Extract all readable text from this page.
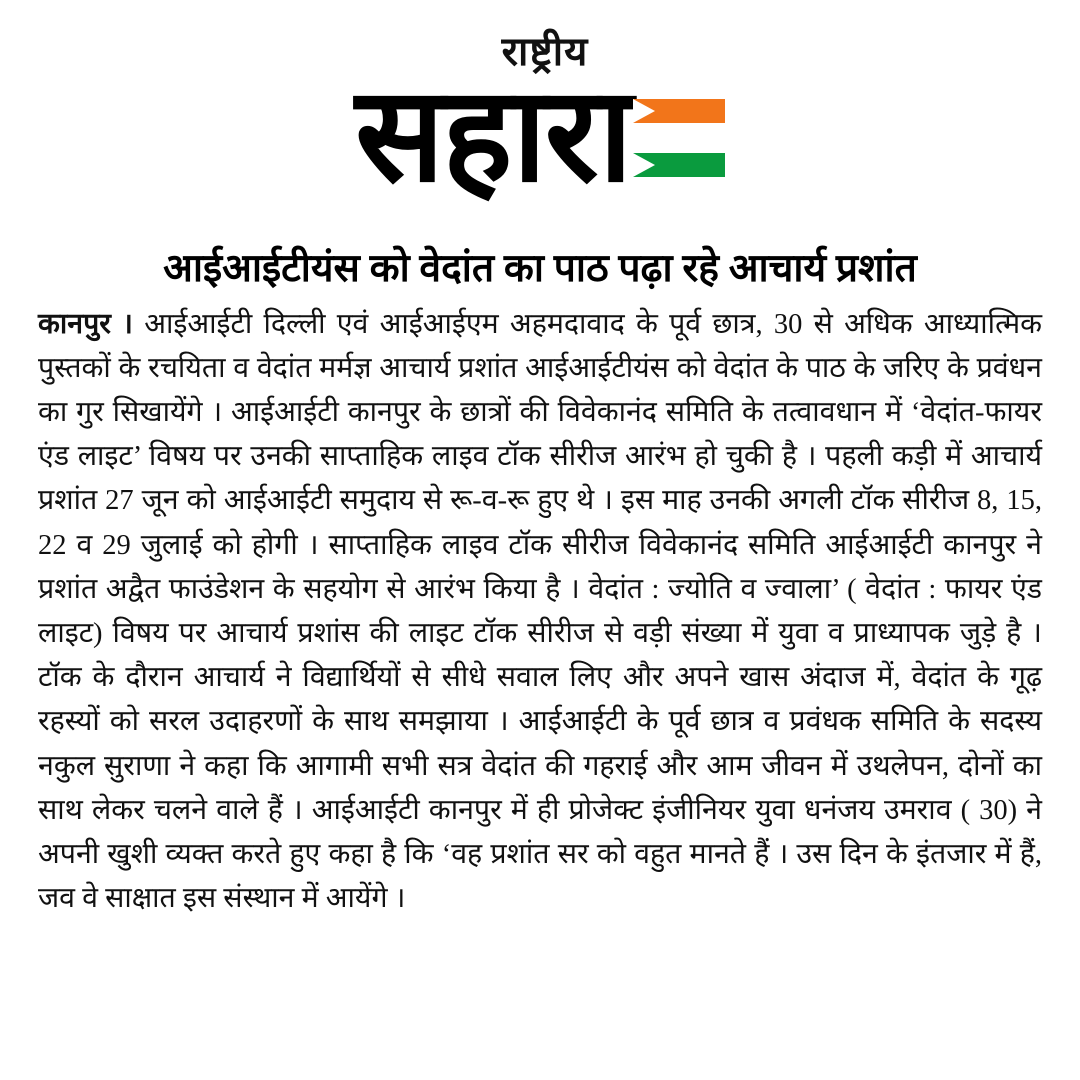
राष्ट्रीय
सहारा
आईआईटीयंस को वेदांत का पाठ पढ़ा रहे आचार्य प्रशांत
कानपुर । आईआईटी दिल्ली एवं आईआईएम अहमदावाद के पूर्व छात्र, 30 से अधिक आध्यात्मिक पुस्तकों के रचयिता व वेदांत मर्मज्ञ आचार्य प्रशांत आईआईटीयंस को वेदांत के पाठ के जरिए के प्रवंधन का गुर सिखायेंगे । आईआईटी कानपुर के छात्रों की विवेकानंद समिति के तत्वावधान में ‘वेदांत-फायर एंड लाइट’ विषय पर उनकी साप्ताहिक लाइव टॉक सीरीज आरंभ हो चुकी है । पहली कड़ी में आचार्य प्रशांत 27 जून को आईआईटी समुदाय से रू-व-रू हुए थे । इस माह उनकी अगली टॉक सीरीज 8, 15, 22 व 29 जुलाई को होगी । साप्ताहिक लाइव टॉक सीरीज विवेकानंद समिति आईआईटी कानपुर ने प्रशांत अद्वैत फाउंडेशन के सहयोग से आरंभ किया है । वेदांत : ज्योति व ज्वाला’ ( वेदांत : फायर एंड लाइट) विषय पर आचार्य प्रशांस की लाइट टॉक सीरीज से वड़ी संख्या में युवा व प्राध्यापक जुड़े है । टॉक के दौरान आचार्य ने विद्यार्थियों से सीधे सवाल लिए और अपने खास अंदाज में, वेदांत के गूढ़ रहस्यों को सरल उदाहरणों के साथ समझाया । आईआईटी के पूर्व छात्र व प्रवंधक समिति के सदस्य नकुल सुराणा ने कहा कि आगामी सभी सत्र वेदांत की गहराई और आम जीवन में उथलेपन, दोनों का साथ लेकर चलने वाले हैं । आईआईटी कानपुर में ही प्रोजेक्ट इंजीनियर युवा धनंजय उमराव ( 30) ने अपनी खुशी व्यक्त करते हुए कहा है कि ‘वह प्रशांत सर को वहुत मानते हैं । उस दिन के इंतजार में हैं, जव वे साक्षात इस संस्थान में आयेंगे ।
